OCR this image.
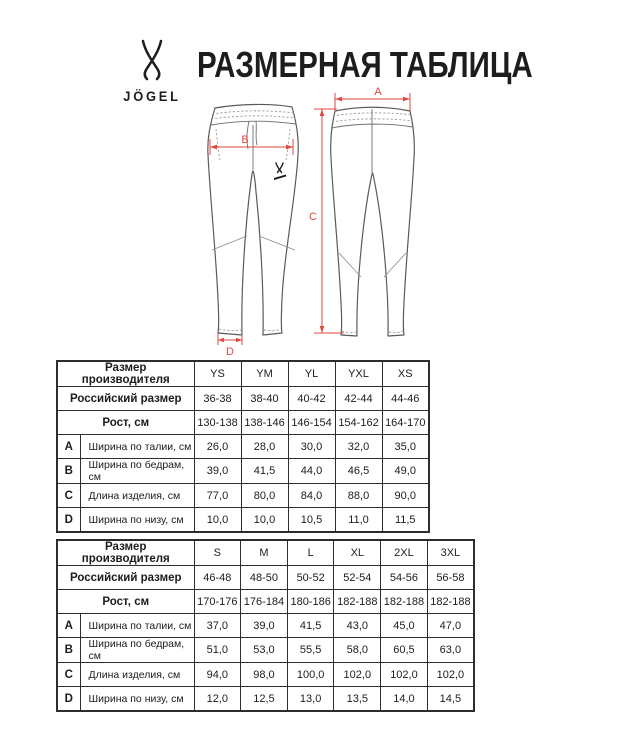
JÖGEL
РАЗМЕРНАЯ ТАБЛИЦА
B
D
A
C
Размер производителя		YS	YM	YL	YXL	XS
Российский размер		36-38	38-40	40-42	42-44	44-46
Рост, см		130-138	138-146	146-154	154-162	164-170
A	Ширина по талии, см	26,0	28,0	30,0	32,0	35,0
B	Ширина по бедрам, см	39,0	41,5	44,0	46,5	49,0
C	Длина изделия, см	77,0	80,0	84,0	88,0	90,0
D	Ширина по низу, см	10,0	10,0	10,5	11,0	11,5
Размер производителя		S	M	L	XL	2XL	3XL
Российский размер		46-48	48-50	50-52	52-54	54-56	56-58
Рост, см		170-176	176-184	180-186	182-188	182-188	182-188
A	Ширина по талии, см	37,0	39,0	41,5	43,0	45,0	47,0
B	Ширина по бедрам, см	51,0	53,0	55,5	58,0	60,5	63,0
C	Длина изделия, см	94,0	98,0	100,0	102,0	102,0	102,0
D	Ширина по низу, см	12,0	12,5	13,0	13,5	14,0	14,5
